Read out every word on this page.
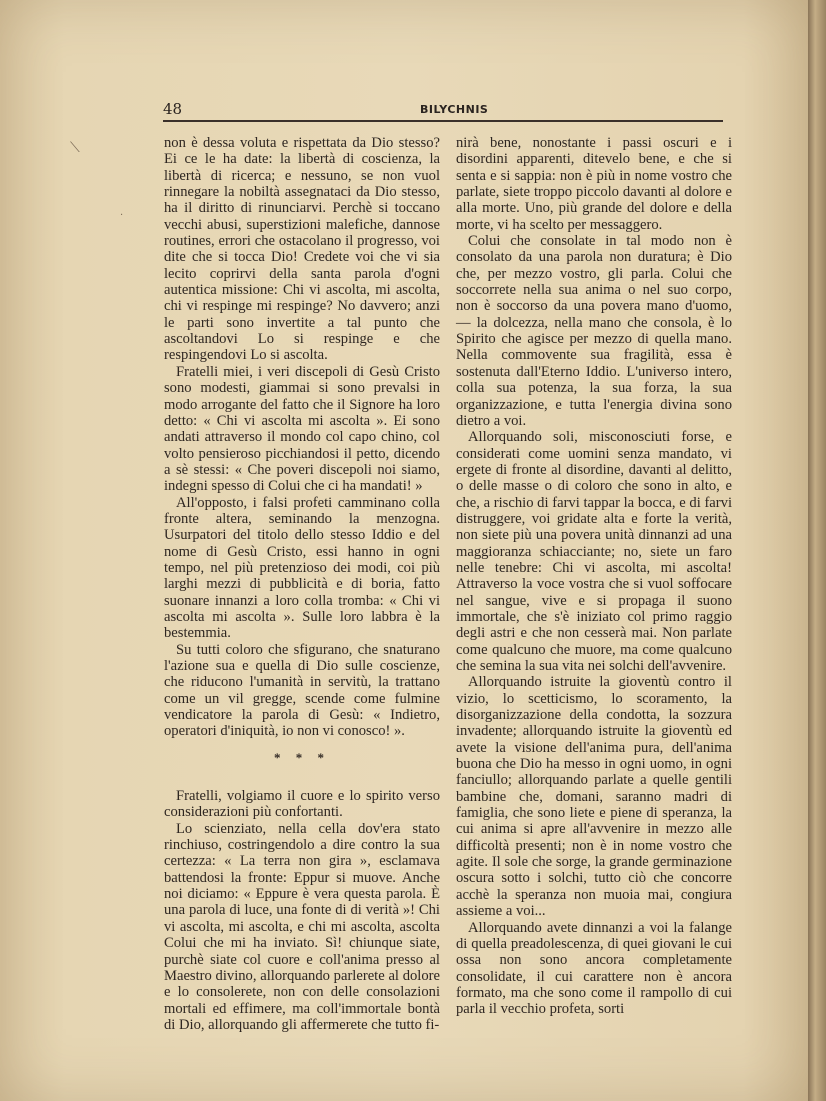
48	BILYCHNIS

non è dessa voluta e rispettata da Dio stesso? Ei ce le ha date: la libertà di coscienza, la libertà di ricerca; e nessuno, se non vuol rinnegare la nobiltà assegnataci da Dio stesso, ha il diritto di rinunciarvi. Perchè si toccano vecchi abusi, superstizioni malefiche, dannose routines, errori che ostacolano il progresso, voi dite che si tocca Dio! Credete voi che vi sia lecito coprirvi della santa parola d'ogni autentica missione: Chi vi ascolta, mi ascolta, chi vi respinge mi respinge? No davvero; anzi le parti sono invertite a tal punto che ascoltandovi Lo si respinge e che respingendovi Lo si ascolta.

Fratelli miei, i veri discepoli di Gesù Cristo sono modesti, giammai si sono prevalsi in modo arrogante del fatto che il Signore ha loro detto: « Chi vi ascolta mi ascolta ». Ei sono andati attraverso il mondo col capo chino, col volto pensieroso picchiandosi il petto, dicendo a sè stessi: « Che poveri discepoli noi siamo, indegni spesso di Colui che ci ha mandati! »

All'opposto, i falsi profeti camminano colla fronte altera, seminando la menzogna. Usurpatori del titolo dello stesso Iddio e del nome di Gesù Cristo, essi hanno in ogni tempo, nel più pretenzioso dei modi, coi più larghi mezzi di pubblicità e di boria, fatto suonare innanzi a loro colla tromba: « Chi vi ascolta mi ascolta ». Sulle loro labbra è la bestemmia.

Su tutti coloro che sfigurano, che snaturano l'azione sua e quella di Dio sulle coscienze, che riducono l'umanità in servitù, la trattano come un vil gregge, scende come fulmine vendicatore la parola di Gesù: « Indietro, operatori d'iniquità, io non vi conosco! ».

* * *

Fratelli, volgiamo il cuore e lo spirito verso considerazioni più confortanti.

Lo scienziato, nella cella dov'era stato rinchiuso, costringendolo a dire contro la sua certezza: « La terra non gira », esclamava battendosi la fronte: Eppur si muove. Anche noi diciamo: « Eppure è vera questa parola. È una parola di luce, una fonte di di verità »! Chi vi ascolta, mi ascolta, e chi mi ascolta, ascolta Colui che mi ha inviato. Sì! chiunque siate, purchè siate col cuore e coll'anima presso al Maestro divino, allorquando parlerete al dolore e lo consolerete, non con delle consolazioni mortali ed effimere, ma coll'immortale bontà di Dio, allorquando gli affermerete che tutto fi-

nirà bene, nonostante i passi oscuri e i disordini apparenti, ditevelo bene, e che si senta e si sappia: non è più in nome vostro che parlate, siete troppo piccolo davanti al dolore e alla morte. Uno, più grande del dolore e della morte, vi ha scelto per messaggero.

Colui che consolate in tal modo non è consolato da una parola non duratura; è Dio che, per mezzo vostro, gli parla. Colui che soccorrete nella sua anima o nel suo corpo, non è soccorso da una povera mano d'uomo, — la dolcezza, nella mano che consola, è lo Spirito che agisce per mezzo di quella mano. Nella commovente sua fragilità, essa è sostenuta dall'Eterno Iddio. L'universo intero, colla sua potenza, la sua forza, la sua organizzazione, e tutta l'energia divina sono dietro a voi.

Allorquando soli, misconosciuti forse, e considerati come uomini senza mandato, vi ergete di fronte al disordine, davanti al delitto, o delle masse o di coloro che sono in alto, e che, a rischio di farvi tappar la bocca, e di farvi distruggere, voi gridate alta e forte la verità, non siete più una povera unità dinnanzi ad una maggioranza schiacciante; no, siete un faro nelle tenebre: Chi vi ascolta, mi ascolta! Attraverso la voce vostra che si vuol soffocare nel sangue, vive e si propaga il suono immortale, che s'è iniziato col primo raggio degli astri e che non cesserà mai. Non parlate come qualcuno che muore, ma come qualcuno che semina la sua vita nei solchi dell'avvenire.

Allorquando istruite la gioventù contro il vizio, lo scetticismo, lo scoramento, la disorganizzazione della condotta, la sozzura invadente; allorquando istruite la gioventù ed avete la visione dell'anima pura, dell'anima buona che Dio ha messo in ogni uomo, in ogni fanciullo; allorquando parlate a quelle gentili bambine che, domani, saranno madri di famiglia, che sono liete e piene di speranza, la cui anima si apre all'avvenire in mezzo alle difficoltà presenti; non è in nome vostro che agite. Il sole che sorge, la grande germinazione oscura sotto i solchi, tutto ciò che concorre acchè la speranza non muoia mai, congiura assieme a voi...

Allorquando avete dinnanzi a voi la falange di quella preadolescenza, di quei giovani le cui ossa non sono ancora completamente consolidate, il cui carattere non è ancora formato, ma che sono come il rampollo di cui parla il vecchio profeta, sorti

⟍
·
